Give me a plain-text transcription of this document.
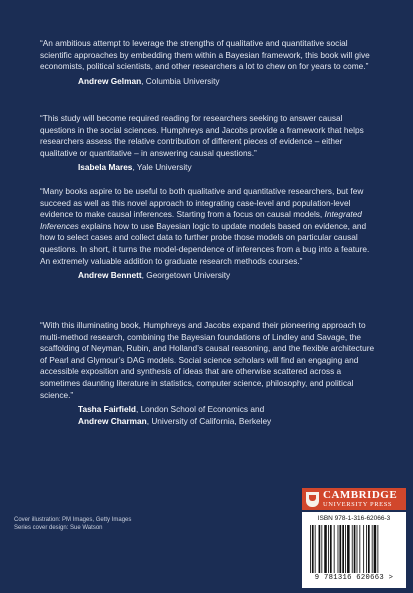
“An ambitious attempt to leverage the strengths of qualitative and quantitative social scientific approaches by embedding them within a Bayesian framework, this book will give economists, political scientists, and other researchers a lot to chew on for years to come.”

Andrew Gelman, Columbia University

“This study will become required reading for researchers seeking to answer causal questions in the social sciences. Humphreys and Jacobs provide a framework that helps researchers assess the relative contribution of different pieces of evidence – either qualitative or quantitative – in answering causal questions.”

Isabela Mares, Yale University

“Many books aspire to be useful to both qualitative and quantitative researchers, but few succeed as well as this novel approach to integrating case-level and population-level evidence to make causal inferences. Starting from a focus on causal models, Integrated Inferences explains how to use Bayesian logic to update models based on evidence, and how to select cases and collect data to further probe those models on particular causal questions. In short, it turns the model-dependence of inferences from a bug into a feature. An extremely valuable addition to graduate research methods courses.”

Andrew Bennett, Georgetown University

“With this illuminating book, Humphreys and Jacobs expand their pioneering approach to multi-method research, combining the Bayesian foundations of Lindley and Savage, the scaffolding of Neyman, Rubin, and Holland’s causal reasoning, and the flexible architecture of Pearl and Glymour’s DAG models. Social science scholars will find an engaging and accessible exposition and synthesis of ideas that are otherwise scattered across a sometimes daunting literature in statistics, computer science, philosophy, and political science.”

Tasha Fairfield, London School of Economics and
Andrew Charman, University of California, Berkeley
Cover illustration: PM Images, Getty Images
Series cover design: Sue Watson
CAMBRIDGE
UNIVERSITY PRESS
ISBN 978-1-316-62066-3
9 781316 620663 >
